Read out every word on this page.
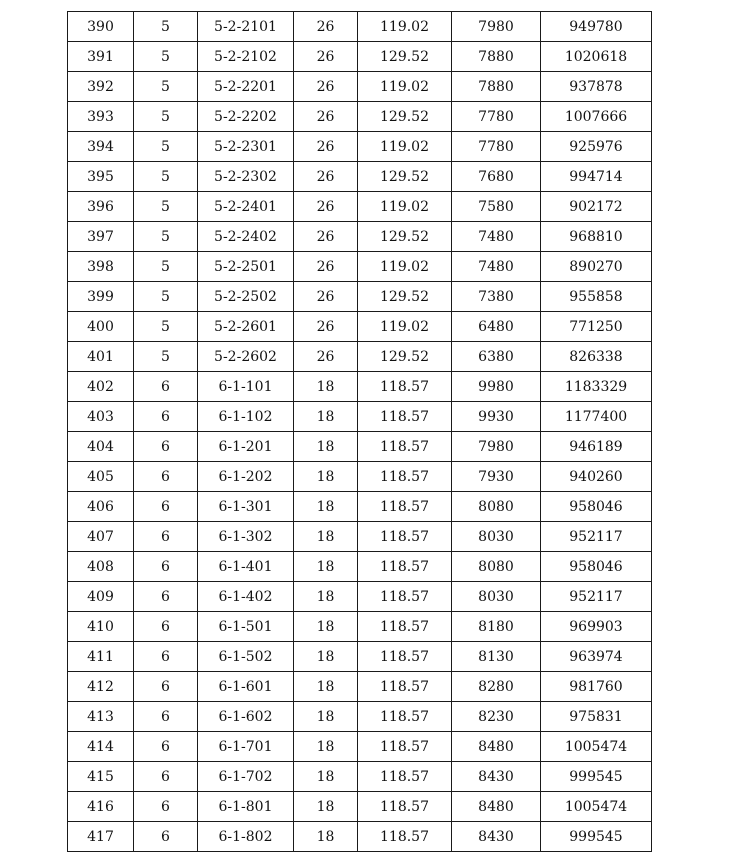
390	5	5-2-2101	26	119.02	7980	949780
391	5	5-2-2102	26	129.52	7880	1020618
392	5	5-2-2201	26	119.02	7880	937878
393	5	5-2-2202	26	129.52	7780	1007666
394	5	5-2-2301	26	119.02	7780	925976
395	5	5-2-2302	26	129.52	7680	994714
396	5	5-2-2401	26	119.02	7580	902172
397	5	5-2-2402	26	129.52	7480	968810
398	5	5-2-2501	26	119.02	7480	890270
399	5	5-2-2502	26	129.52	7380	955858
400	5	5-2-2601	26	119.02	6480	771250
401	5	5-2-2602	26	129.52	6380	826338
402	6	6-1-101	18	118.57	9980	1183329
403	6	6-1-102	18	118.57	9930	1177400
404	6	6-1-201	18	118.57	7980	946189
405	6	6-1-202	18	118.57	7930	940260
406	6	6-1-301	18	118.57	8080	958046
407	6	6-1-302	18	118.57	8030	952117
408	6	6-1-401	18	118.57	8080	958046
409	6	6-1-402	18	118.57	8030	952117
410	6	6-1-501	18	118.57	8180	969903
411	6	6-1-502	18	118.57	8130	963974
412	6	6-1-601	18	118.57	8280	981760
413	6	6-1-602	18	118.57	8230	975831
414	6	6-1-701	18	118.57	8480	1005474
415	6	6-1-702	18	118.57	8430	999545
416	6	6-1-801	18	118.57	8480	1005474
417	6	6-1-802	18	118.57	8430	999545
